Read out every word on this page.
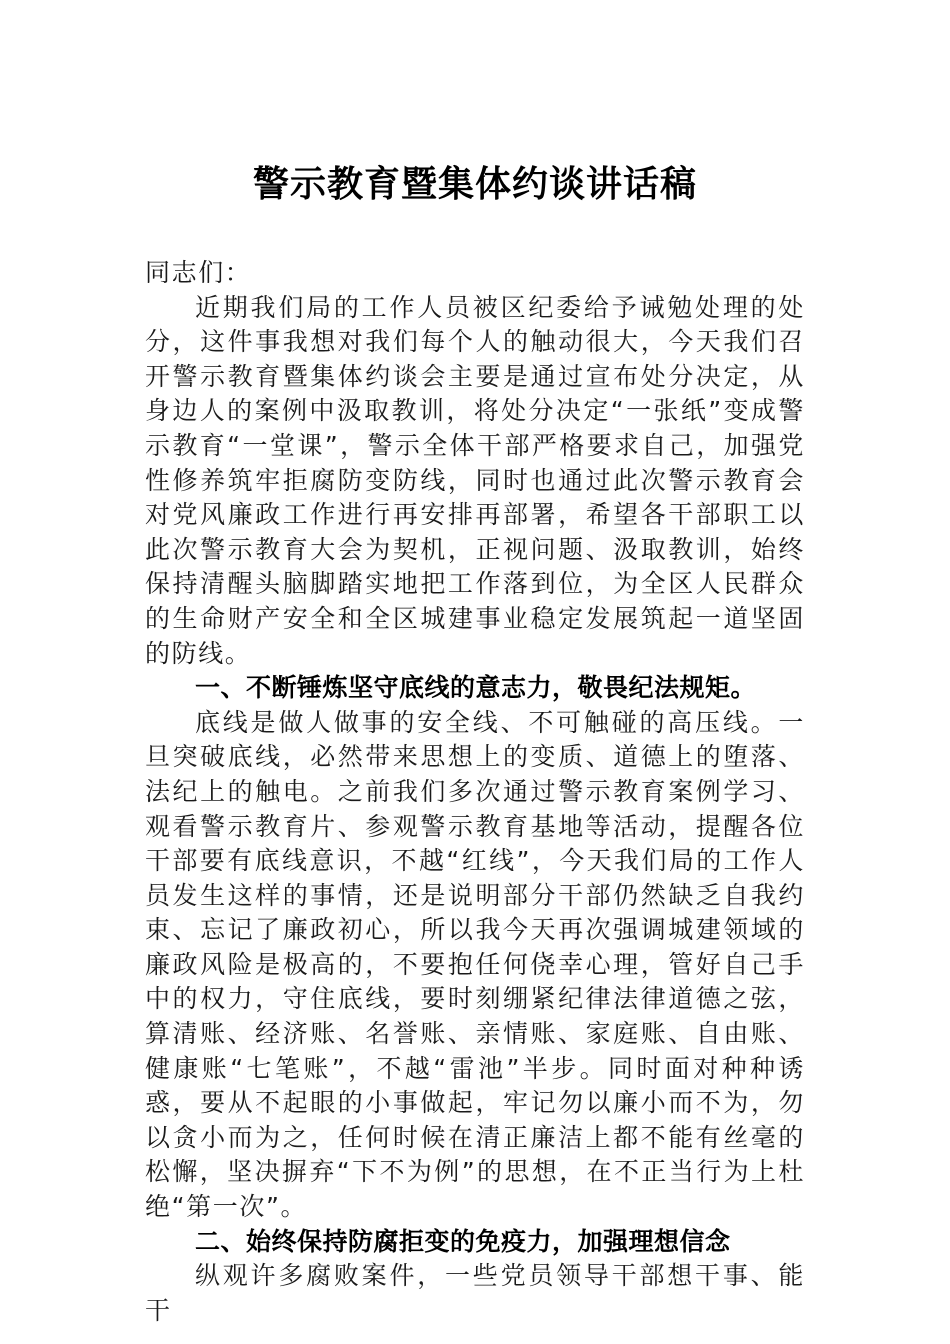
警示教育暨集体约谈讲话稿

同志们：

近期我们局的工作人员被区纪委给予诫勉处理的处分，这件事我想对我们每个人的触动很大，今天我们召开警示教育暨集体约谈会主要是通过宣布处分决定，从身边人的案例中汲取教训，将处分决定“一张纸”变成警示教育“一堂课”，警示全体干部严格要求自己，加强党性修养筑牢拒腐防变防线，同时也通过此次警示教育会对党风廉政工作进行再安排再部署，希望各干部职工以此次警示教育大会为契机，正视问题、汲取教训，始终保持清醒头脑脚踏实地把工作落到位，为全区人民群众的生命财产安全和全区城建事业稳定发展筑起一道坚固的防线。

一、不断锤炼坚守底线的意志力，敬畏纪法规矩。

底线是做人做事的安全线、不可触碰的高压线。一旦突破底线，必然带来思想上的变质、道德上的堕落、法纪上的触电。之前我们多次通过警示教育案例学习、观看警示教育片、参观警示教育基地等活动，提醒各位干部要有底线意识，不越“红线”，今天我们局的工作人员发生这样的事情，还是说明部分干部仍然缺乏自我约束、忘记了廉政初心，所以我今天再次强调城建领域的廉政风险是极高的，不要抱任何侥幸心理，管好自己手中的权力，守住底线，要时刻绷紧纪律法律道德之弦，算清账、经济账、名誉账、亲情账、家庭账、自由账、健康账“七笔账”，不越“雷池”半步。同时面对种种诱惑，要从不起眼的小事做起，牢记勿以廉小而不为，勿以贪小而为之，任何时候在清正廉洁上都不能有丝毫的松懈，坚决摒弃“下不为例”的思想，在不正当行为上杜绝“第一次”。

二、始终保持防腐拒变的免疫力，加强理想信念

纵观许多腐败案件，一些党员领导干部想干事、能干
